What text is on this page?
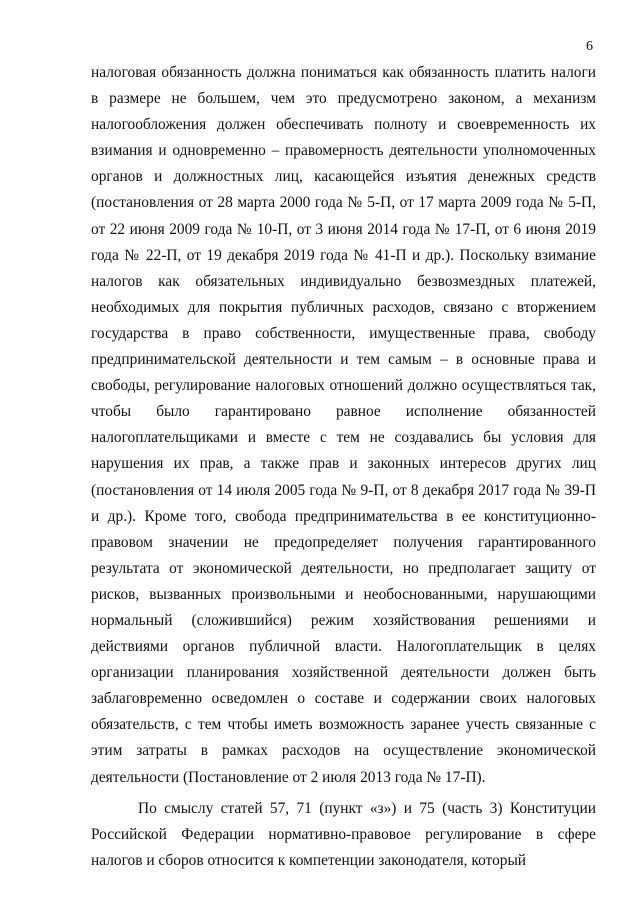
6

налоговая обязанность должна пониматься как обязанность платить налоги в размере не большем, чем это предусмотрено законом, а механизм налогообложения должен обеспечивать полноту и своевременность их взимания и одновременно – правомерность деятельности уполномоченных органов и должностных лиц, касающейся изъятия денежных средств (постановления от 28 марта 2000 года № 5-П, от 17 марта 2009 года № 5-П, от 22 июня 2009 года № 10-П, от 3 июня 2014 года № 17-П, от 6 июня 2019 года № 22-П, от 19 декабря 2019 года № 41-П и др.). Поскольку взимание налогов как обязательных индивидуально безвозмездных платежей, необходимых для покрытия публичных расходов, связано с вторжением государства в право собственности, имущественные права, свободу предпринимательской деятельности и тем самым – в основные права и свободы, регулирование налоговых отношений должно осуществляться так, чтобы было гарантировано равное исполнение обязанностей налогоплательщиками и вместе с тем не создавались бы условия для нарушения их прав, а также прав и законных интересов других лиц (постановления от 14 июля 2005 года № 9-П, от 8 декабря 2017 года № 39-П и др.). Кроме того, свобода предпринимательства в ее конституционно-правовом значении не предопределяет получения гарантированного результата от экономической деятельности, но предполагает защиту от рисков, вызванных произвольными и необоснованными, нарушающими нормальный (сложившийся) режим хозяйствования решениями и действиями органов публичной власти. Налогоплательщик в целях организации планирования хозяйственной деятельности должен быть заблаговременно осведомлен о составе и содержании своих налоговых обязательств, с тем чтобы иметь возможность заранее учесть связанные с этим затраты в рамках расходов на осуществление экономической деятельности (Постановление от 2 июля 2013 года № 17-П).

По смыслу статей 57, 71 (пункт «з») и 75 (часть 3) Конституции Российской Федерации нормативно-правовое регулирование в сфере налогов и сборов относится к компетенции законодателя, который
